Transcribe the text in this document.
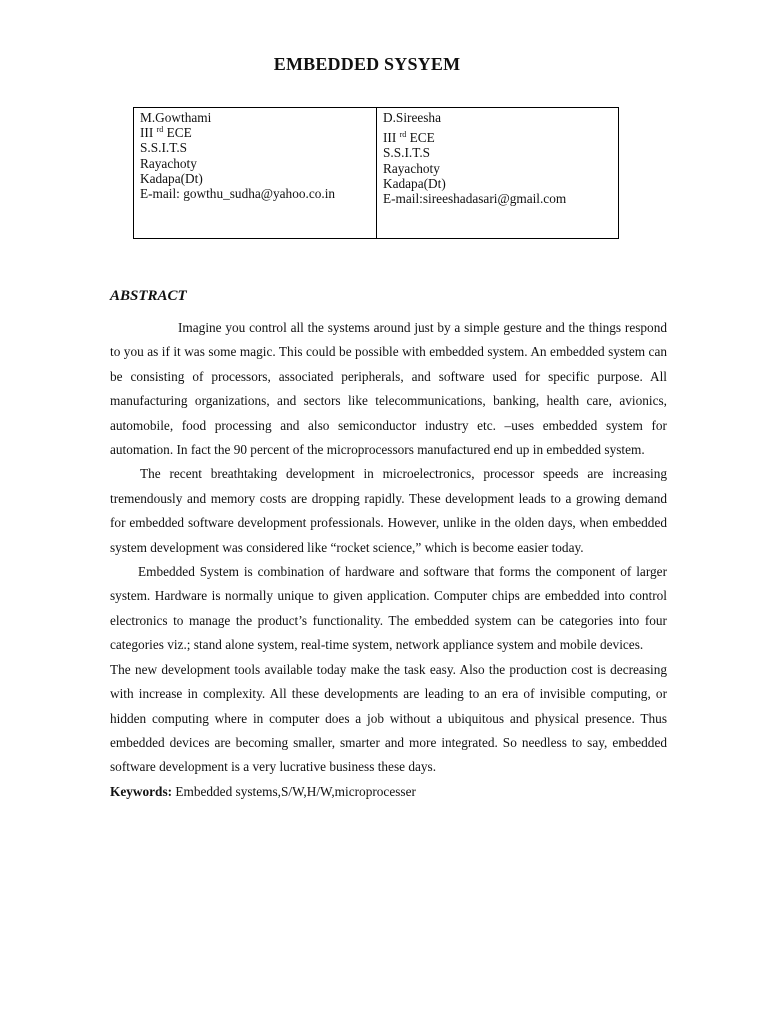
EMBEDDED SYSYEM
M.Gowthami
III $^{rd}$ ECE
S.S.I.T.S
Rayachoty
Kadapa(Dt)
E-mail: gowthu_sudha@yahoo.co.in
D.Sireesha
III $^{rd}$ ECE
S.S.I.T.S
Rayachoty
Kadapa(Dt)
E-mail:sireeshadasari@gmail.com
ABSTRACT

Imagine you control all the systems around just by a simple gesture and the things respond to you as if it was some magic. This could be possible with embedded system. An embedded system can be consisting of processors, associated peripherals, and software used for specific purpose. All manufacturing organizations, and sectors like telecommunications, banking, health care, avionics, automobile, food processing and also semiconductor industry etc. –uses embedded system for automation. In fact the 90 percent of the microprocessors manufactured end up in embedded system.

The recent breathtaking development in microelectronics, processor speeds are increasing tremendously and memory costs are dropping rapidly. These development leads to a growing demand for embedded software development professionals. However, unlike in the olden days, when embedded system development was considered like “rocket science,” which is become easier today.

Embedded System is combination of hardware and software that forms the component of larger system. Hardware is normally unique to given application. Computer chips are embedded into control electronics to manage the product’s functionality. The embedded system can be categories into four categories viz.; stand alone system, real-time system, network appliance system and mobile devices.

The new development tools available today make the task easy. Also the production cost is decreasing with increase in complexity. All these developments are leading to an era of invisible computing, or hidden computing where in computer does a job without a ubiquitous and physical presence. Thus embedded devices are becoming smaller, smarter and more integrated. So needless to say, embedded software development is a very lucrative business these days.

Keywords: Embedded systems,S/W,H/W,microprocesser
